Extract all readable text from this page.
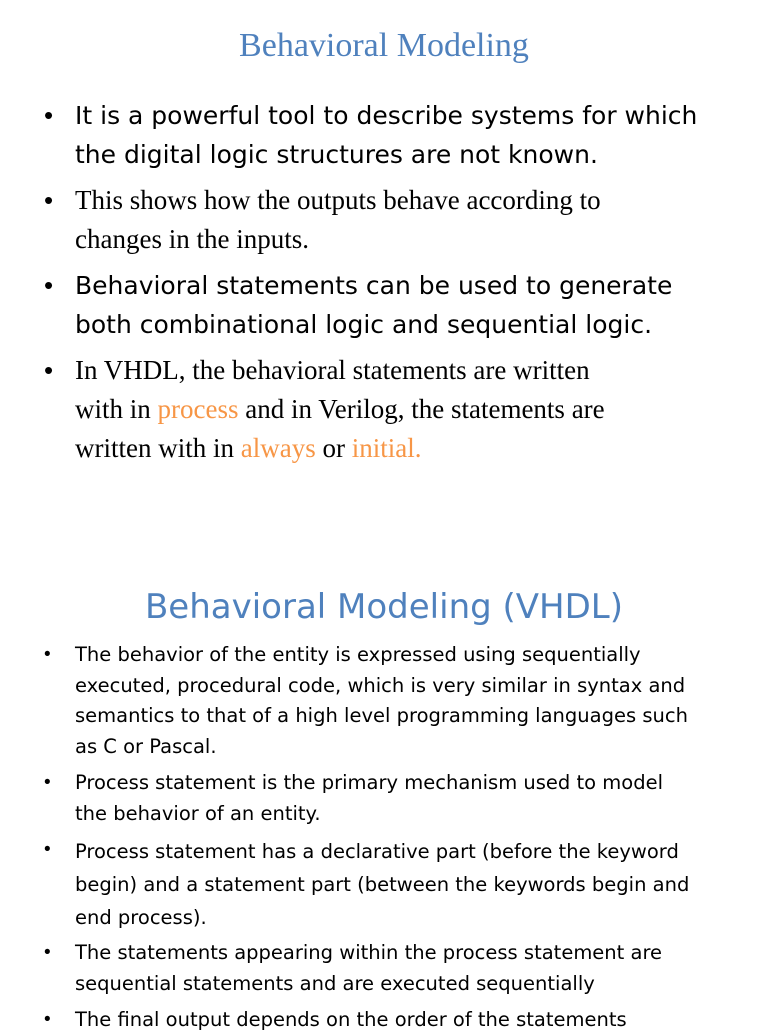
Behavioral Modeling
• It is a powerful tool to describe systems for which
the digital logic structures are not known.
• This shows how the outputs behave according to
changes in the inputs.
• Behavioral statements can be used to generate
both combinational logic and sequential logic.
• In VHDL, the behavioral statements are written
with in process and in Verilog, the statements are
written with in always or initial.
Behavioral Modeling (VHDL)
• The behavior of the entity is expressed using sequentially
executed, procedural code, which is very similar in syntax and
semantics to that of a high level programming languages such
as C or Pascal.
• Process statement is the primary mechanism used to model
the behavior of an entity.
• Process statement has a declarative part (before the keyword
begin) and a statement part (between the keywords begin and
end process).
• The statements appearing within the process statement are
sequential statements and are executed sequentially
• The final output depends on the order of the statements
